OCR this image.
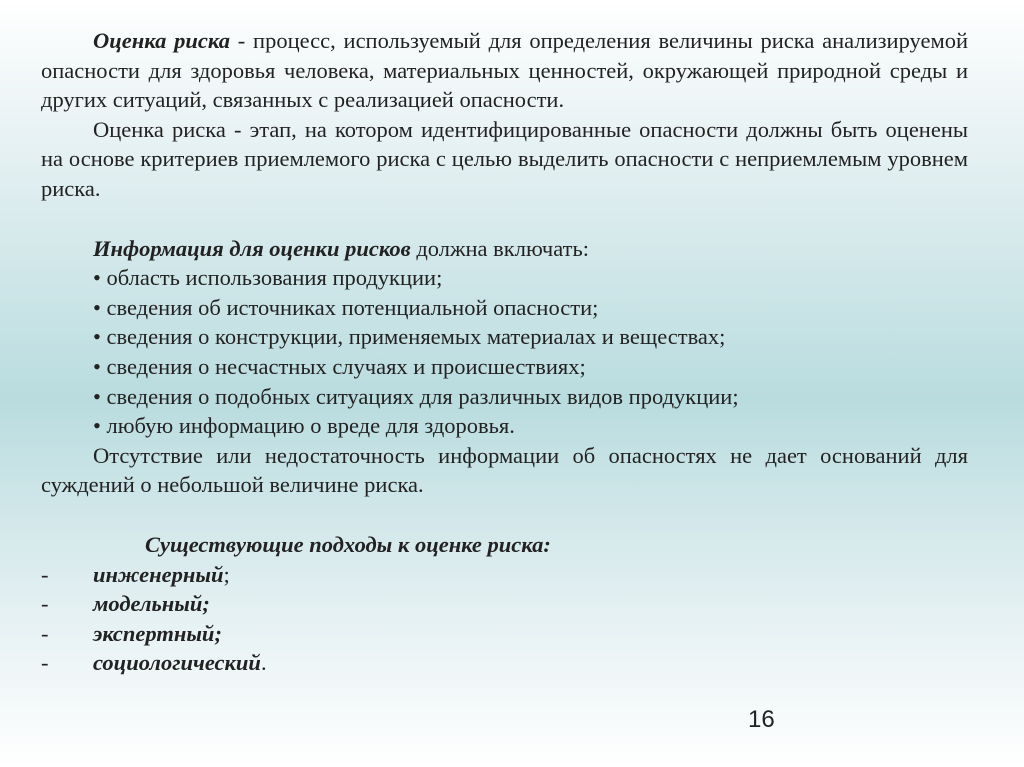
Оценка риска - процесс, используемый для определения величины риска анализируемой опасности для здоровья человека, материальных ценностей, окружающей природной среды и других ситуаций, связанных с реализацией опасности.

Оценка риска - этап, на котором идентифицированные опасности должны быть оценены на основе критериев приемлемого риска с целью выделить опасности с неприемлемым уровнем риска.

Информация для оценки рисков должна включать:

• область использования продукции;

• сведения об источниках потенциальной опасности;

• сведения о конструкции, применяемых материалах и веществах;

• сведения о несчастных случаях и происшествиях;

• сведения о подобных ситуациях для различных видов продукции;

• любую информацию о вреде для здоровья.

Отсутствие или недостаточность информации об опасностях не дает оснований для суждений о небольшой величине риска.

Существующие подходы к оценке риска:

-	инженерный;

-	модельный;

-	экспертный;

-	социологический.

16
